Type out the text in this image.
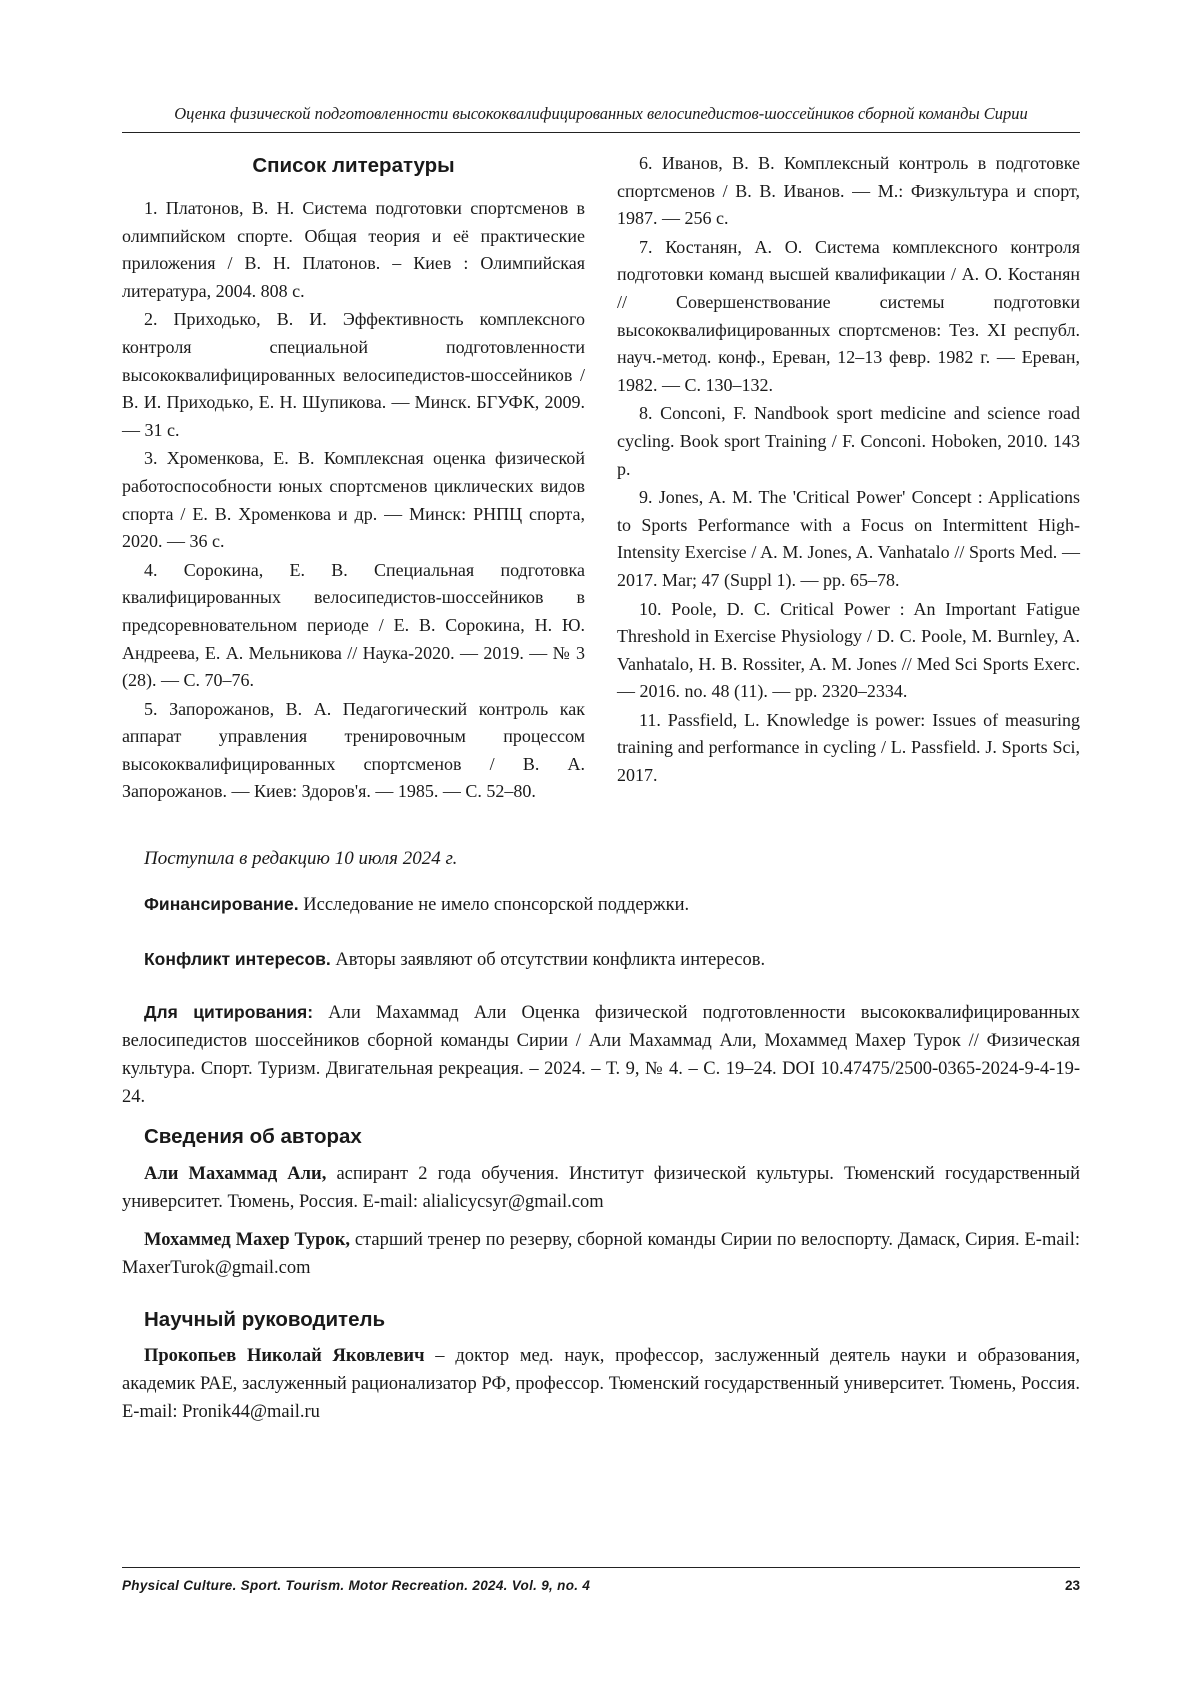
Оценка физической подготовленности высококвалифицированных велосипедистов-шоссейников сборной команды Сирии
Список литературы

1. Платонов, В. Н. Система подготовки спортсменов в олимпийском спорте. Общая теория и её практические приложения / В. Н. Платонов. – Киев : Олимпийская литература, 2004. 808 с.

2. Приходько, В. И. Эффективность комплексного контроля специальной подготовленности высококвалифицированных велосипедистов-шоссейников / В. И. Приходько, Е. Н. Шупикова. — Минск. БГУФК, 2009. — 31 с.

3. Хроменкова, Е. В. Комплексная оценка физической работоспособности юных спортсменов циклических видов спорта / Е. В. Хроменкова и др. — Минск: РНПЦ спорта, 2020. — 36 с.

4. Сорокина, Е. В. Специальная подготовка квалифицированных велосипедистов-шоссейников в предсоревновательном периоде / Е. В. Сорокина, Н. Ю. Андреева, Е. А. Мельникова // Наука-2020. — 2019. — № 3 (28). — С. 70–76.

5. Запорожанов, В. А. Педагогический контроль как аппарат управления тренировочным процессом высококвалифицированных спортсменов / В. А. Запорожанов. — Киев: Здоров'я. — 1985. — С. 52–80.

6. Иванов, В. В. Комплексный контроль в подготовке спортсменов / В. В. Иванов. — М.: Физкультура и спорт, 1987. — 256 с.

7. Костанян, А. О. Система комплексного контроля подготовки команд высшей квалификации / А. О. Костанян // Совершенствование системы подготовки высококвалифицированных спортсменов: Тез. XI республ. науч.-метод. конф., Ереван, 12–13 февр. 1982 г. — Ереван, 1982. — С. 130–132.

8. Conconi, F. Nandbook sport medicine and science road cycling. Book sport Training / F. Conconi. Hoboken, 2010. 143 p.

9. Jones, A. M. The 'Critical Power' Concept : Applications to Sports Performance with a Focus on Intermittent High-Intensity Exercise / A. M. Jones, A. Vanhatalo // Sports Med. — 2017. Mar; 47 (Suppl 1). — pp. 65–78.

10. Poole, D. C. Critical Power : An Important Fatigue Threshold in Exercise Physiology / D. C. Poole, M. Burnley, A. Vanhatalo, H. B. Rossiter, A. M. Jones // Med Sci Sports Exerc. — 2016. no. 48 (11). — pp. 2320–2334.

11. Passfield, L. Knowledge is power: Issues of measuring training and performance in cycling / L. Passfield. J. Sports Sci, 2017.

Поступила в редакцию 10 июля 2024 г.
Финансирование. Исследование не имело спонсорской поддержки.
Конфликт интересов. Авторы заявляют об отсутствии конфликта интересов.
Для цитирования: Али Махаммад Али Оценка физической подготовленности высококвалифицированных велосипедистов шоссейников сборной команды Сирии / Али Махаммад Али, Мохаммед Махер Турок // Физическая культура. Спорт. Туризм. Двигательная рекреация. – 2024. – Т. 9, № 4. – С. 19–24. DOI 10.47475/2500-0365-2024-9-4-19-24.
Сведения об авторах
Али Махаммад Али, аспирант 2 года обучения. Институт физической культуры. Тюменский государственный университет. Тюмень, Россия. E-mail: alialicycsyr@gmail.com
Мохаммед Махер Турок, старший тренер по резерву, сборной команды Сирии по велоспорту. Дамаск, Сирия. E-mail: MaxerTurok@gmail.com
Научный руководитель
Прокопьев Николай Яковлевич – доктор мед. наук, профессор, заслуженный деятель науки и образования, академик РАЕ, заслуженный рационализатор РФ, профессор. Тюменский государственный университет. Тюмень, Россия. E-mail: Pronik44@mail.ru
Physical Culture. Sport. Tourism. Motor Recreation. 2024. Vol. 9, no. 4	23
